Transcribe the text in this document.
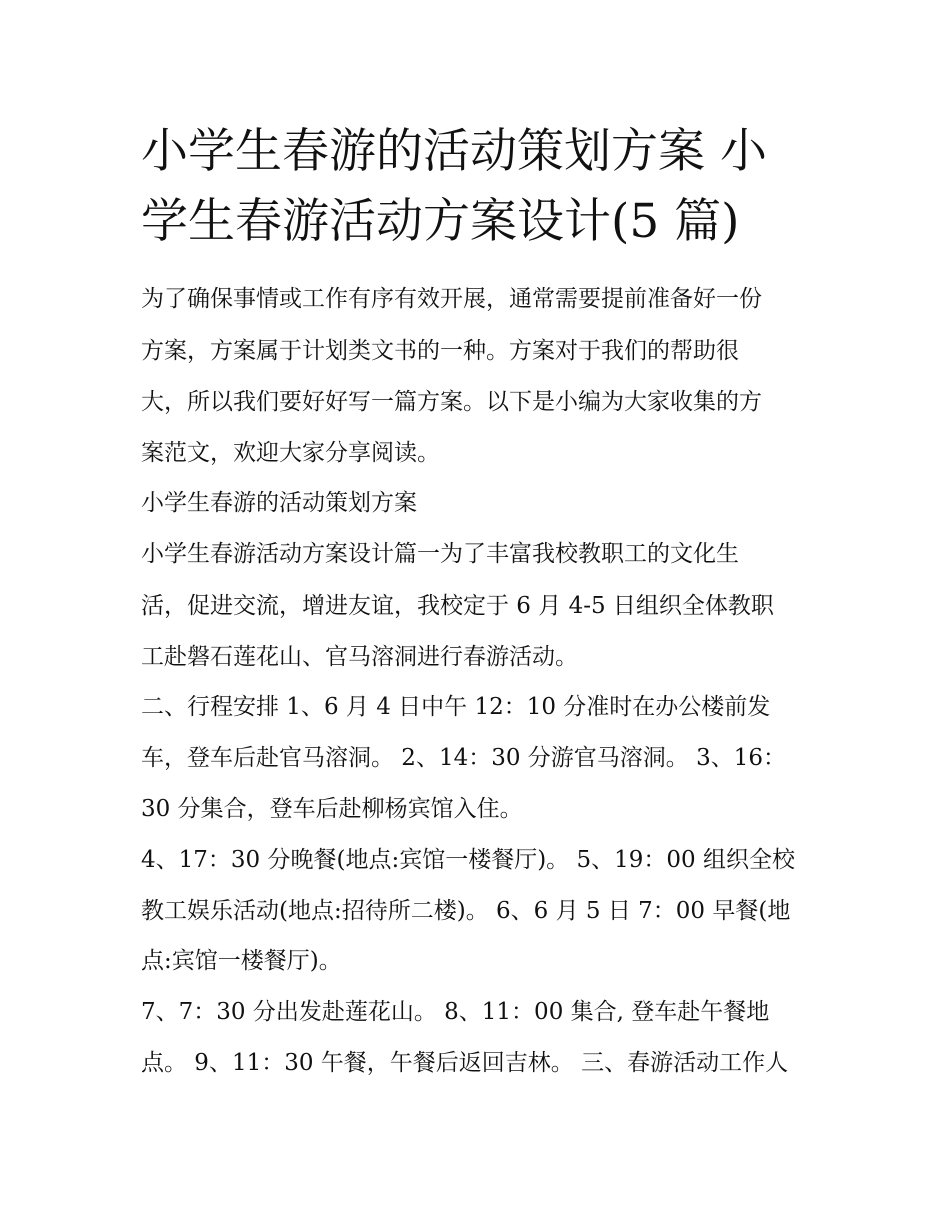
小学生春游的活动策划方案 小
学生春游活动方案设计(5 篇)

为了确保事情或工作有序有效开展，通常需要提前准备好一份

方案，方案属于计划类文书的一种。方案对于我们的帮助很

大，所以我们要好好写一篇方案。以下是小编为大家收集的方

案范文，欢迎大家分享阅读。

小学生春游的活动策划方案

小学生春游活动方案设计篇一为了丰富我校教职工的文化生

活，促进交流，增进友谊，我校定于 6 月 4-5 日组织全体教职

工赴磐石莲花山、官马溶洞进行春游活动。

二、行程安排 1、6 月 4 日中午 12：10 分准时在办公楼前发

车，登车后赴官马溶洞。 2、14：30 分游官马溶洞。 3、16：

30 分集合，登车后赴柳杨宾馆入住。

4、17：30 分晚餐(地点:宾馆一楼餐厅)。 5、19：00 组织全校

教工娱乐活动(地点:招待所二楼)。 6、6 月 5 日 7：00 早餐(地

点:宾馆一楼餐厅)。

7、7：30 分出发赴莲花山。 8、11：00 集合, 登车赴午餐地

点。 9、11：30 午餐，午餐后返回吉林。 三、春游活动工作人
